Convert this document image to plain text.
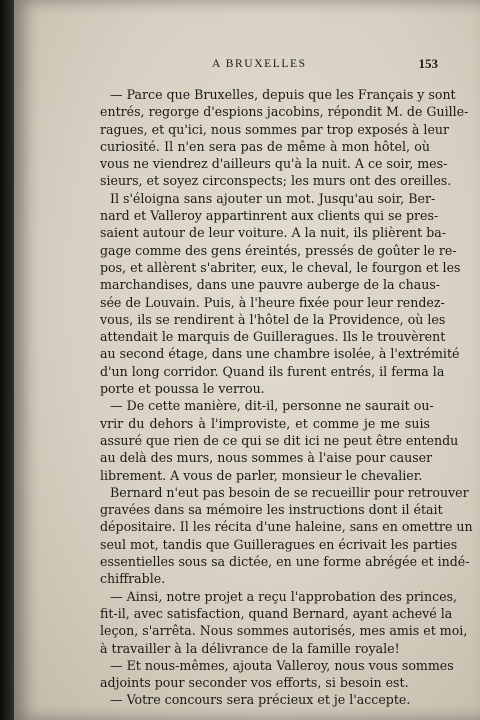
A BRUXELLES	153
— Parce que Bruxelles, depuis que les Français y sont
entrés, regorge d'espions jacobins, répondit M. de Guille-
ragues, et qu'ici, nous sommes par trop exposés à leur
curiosité. Il n'en sera pas de même à mon hôtel, où
vous ne viendrez d'ailleurs qu'à la nuit. A ce soir, mes-
sieurs, et soyez circonspects; les murs ont des oreilles.
Il s'éloigna sans ajouter un mot. Jusqu'au soir, Ber-
nard et Valleroy appartinrent aux clients qui se pres-
saient autour de leur voiture. A la nuit, ils plièrent ba-
gage comme des gens éreintés, pressés de goûter le re-
pos, et allèrent s'abriter, eux, le cheval, le fourgon et les
marchandises, dans une pauvre auberge de la chaus-
sée de Louvain. Puis, à l'heure fixée pour leur rendez-
vous, ils se rendirent à l'hôtel de la Providence, où les
attendait le marquis de Guilleragues. Ils le trouvèrent
au second étage, dans une chambre isolée, à l'extrémité
d'un long corridor. Quand ils furent entrés, il ferma la
porte et poussa le verrou.
— De cette manière, dit-il, personne ne saurait ou-
vrir du dehors à l'improviste, et comme je me suis
assuré que rien de ce qui se dit ici ne peut être entendu
au delà des murs, nous sommes à l'aise pour causer
librement. A vous de parler, monsieur le chevalier.
Bernard n'eut pas besoin de se recueillir pour retrouver
gravées dans sa mémoire les instructions dont il était
dépositaire. Il les récita d'une haleine, sans en omettre un
seul mot, tandis que Guilleragues en écrivait les parties
essentielles sous sa dictée, en une forme abrégée et indé-
chiffrable.
— Ainsi, notre projet a reçu l'approbation des princes,
fit-il, avec satisfaction, quand Bernard, ayant achevé la
leçon, s'arrêta. Nous sommes autorisés, mes amis et moi,
à travailler à la délivrance de la famille royale!
— Et nous-mêmes, ajouta Valleroy, nous vous sommes
adjoints pour seconder vos efforts, si besoin est.
— Votre concours sera précieux et je l'accepte.
